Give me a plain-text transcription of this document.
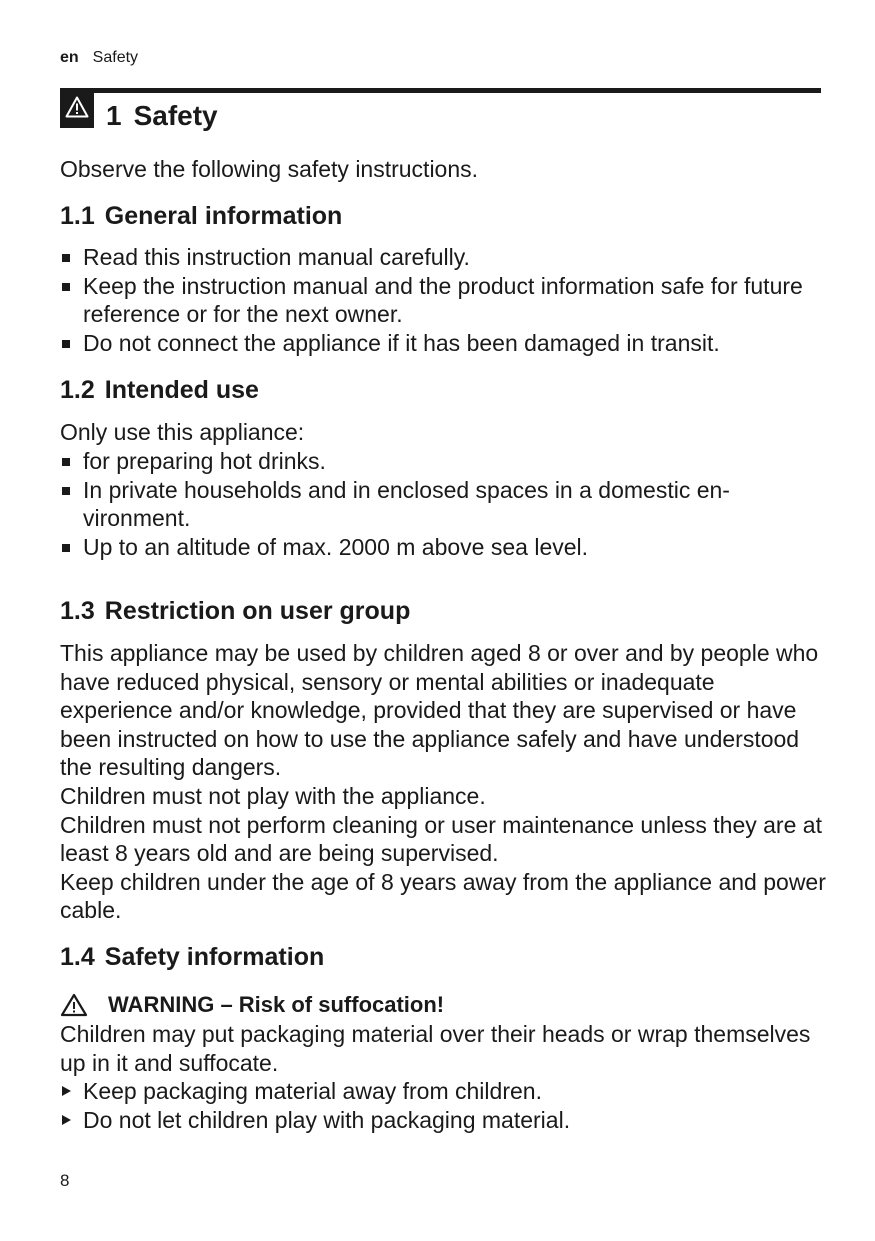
en Safety
1 Safety
Observe the following safety instructions.
1.1 General information
Read this instruction manual carefully.
Keep the instruction manual and the product information safe for future reference or for the next owner.
Do not connect the appliance if it has been damaged in transit.
1.2 Intended use
Only use this appliance:
for preparing hot drinks.
In private households and in enclosed spaces in a domestic en-vironment.
Up to an altitude of max. 2000 m above sea level.
1.3 Restriction on user group

This appliance may be used by children aged 8 or over and by people who have reduced physical, sensory or mental abilities or inadequate experience and/or knowledge, provided that they are supervised or have been instructed on how to use the appliance safely and have understood the resulting dangers.

Children must not play with the appliance.

Children must not perform cleaning or user maintenance unless they are at least 8 years old and are being supervised.

Keep children under the age of 8 years away from the appliance and power cable.

1.4 Safety information
WARNING – Risk of suffocation!
Children may put packaging material over their heads or wrap themselves up in it and suffocate.
Keep packaging material away from children.
Do not let children play with packaging material.
8
